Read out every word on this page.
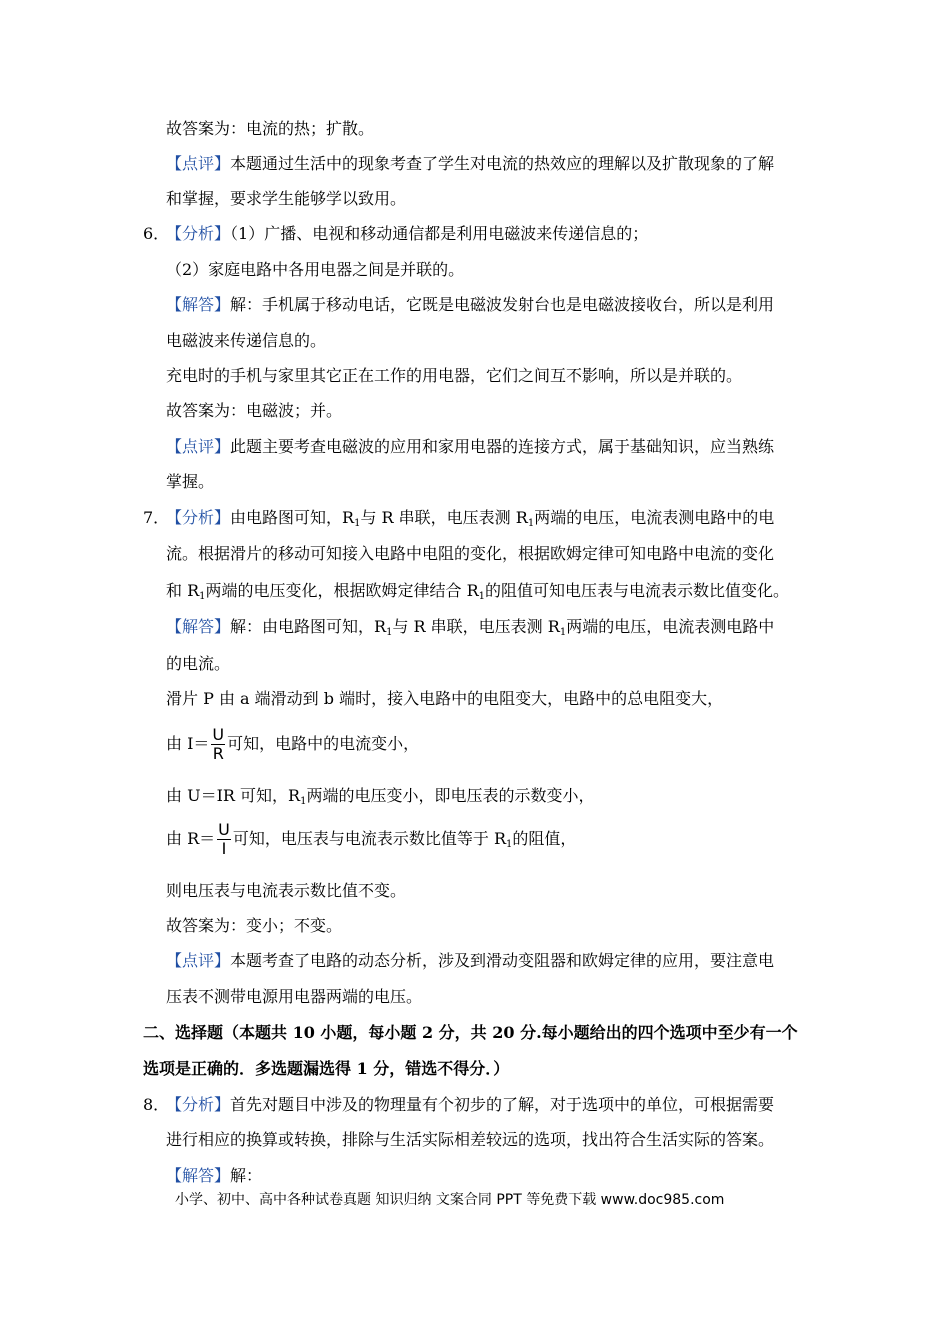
故答案为：电流的热；扩散。
【点评】本题通过生活中的现象考查了学生对电流的热效应的理解以及扩散现象的了解
和掌握，要求学生能够学以致用。
6．
【分析】（1）广播、电视和移动通信都是利用电磁波来传递信息的；
（2）家庭电路中各用电器之间是并联的。
【解答】解：手机属于移动电话，它既是电磁波发射台也是电磁波接收台，所以是利用
电磁波来传递信息的。
充电时的手机与家里其它正在工作的用电器，它们之间互不影响，所以是并联的。
故答案为：电磁波；并。
【点评】此题主要考查电磁波的应用和家用电器的连接方式，属于基础知识，应当熟练
掌握。
7．
【分析】由电路图可知，$R_1$与 R 串联，电压表测 $R_1$两端的电压，电流表测电路中的电
流。根据滑片的移动可知接入电路中电阻的变化，根据欧姆定律可知电路中电流的变化
和 $R_1$两端的电压变化，根据欧姆定律结合 $R_1$的阻值可知电压表与电流表示数比值变化。
【解答】解：由电路图可知，$R_1$与 R 串联，电压表测 $R_1$两端的电压，电流表测电路中
的电流。
滑片 P 由 a 端滑动到 b 端时，接入电路中的电阻变大，电路中的总电阻变大，
由 $I= \frac{U}{R}$ 可知，电路中的电流变小，
由 U＝IR 可知，$R_1$两端的电压变小，即电压表的示数变小，
由 $R= \frac{U}{I}$ 可知，电压表与电流表示数比值等于 $R_1$的阻值，
则电压表与电流表示数比值不变。
故答案为：变小；不变。
【点评】本题考查了电路的动态分析，涉及到滑动变阻器和欧姆定律的应用，要注意电
压表不测带电源用电器两端的电压。
二、选择题（本题共 10 小题，每小题 2 分，共 20 分.每小题给出的四个选项中至少有一个
选项是正确的．多选题漏选得 1 分，错选不得分．）
8．
【分析】首先对题目中涉及的物理量有个初步的了解，对于选项中的单位，可根据需要
进行相应的换算或转换，排除与生活实际相差较远的选项，找出符合生活实际的答案。
【解答】解：
小学、初中、高中各种试卷真题 知识归纳 文案合同 PPT 等免费下载 www.doc985.com
